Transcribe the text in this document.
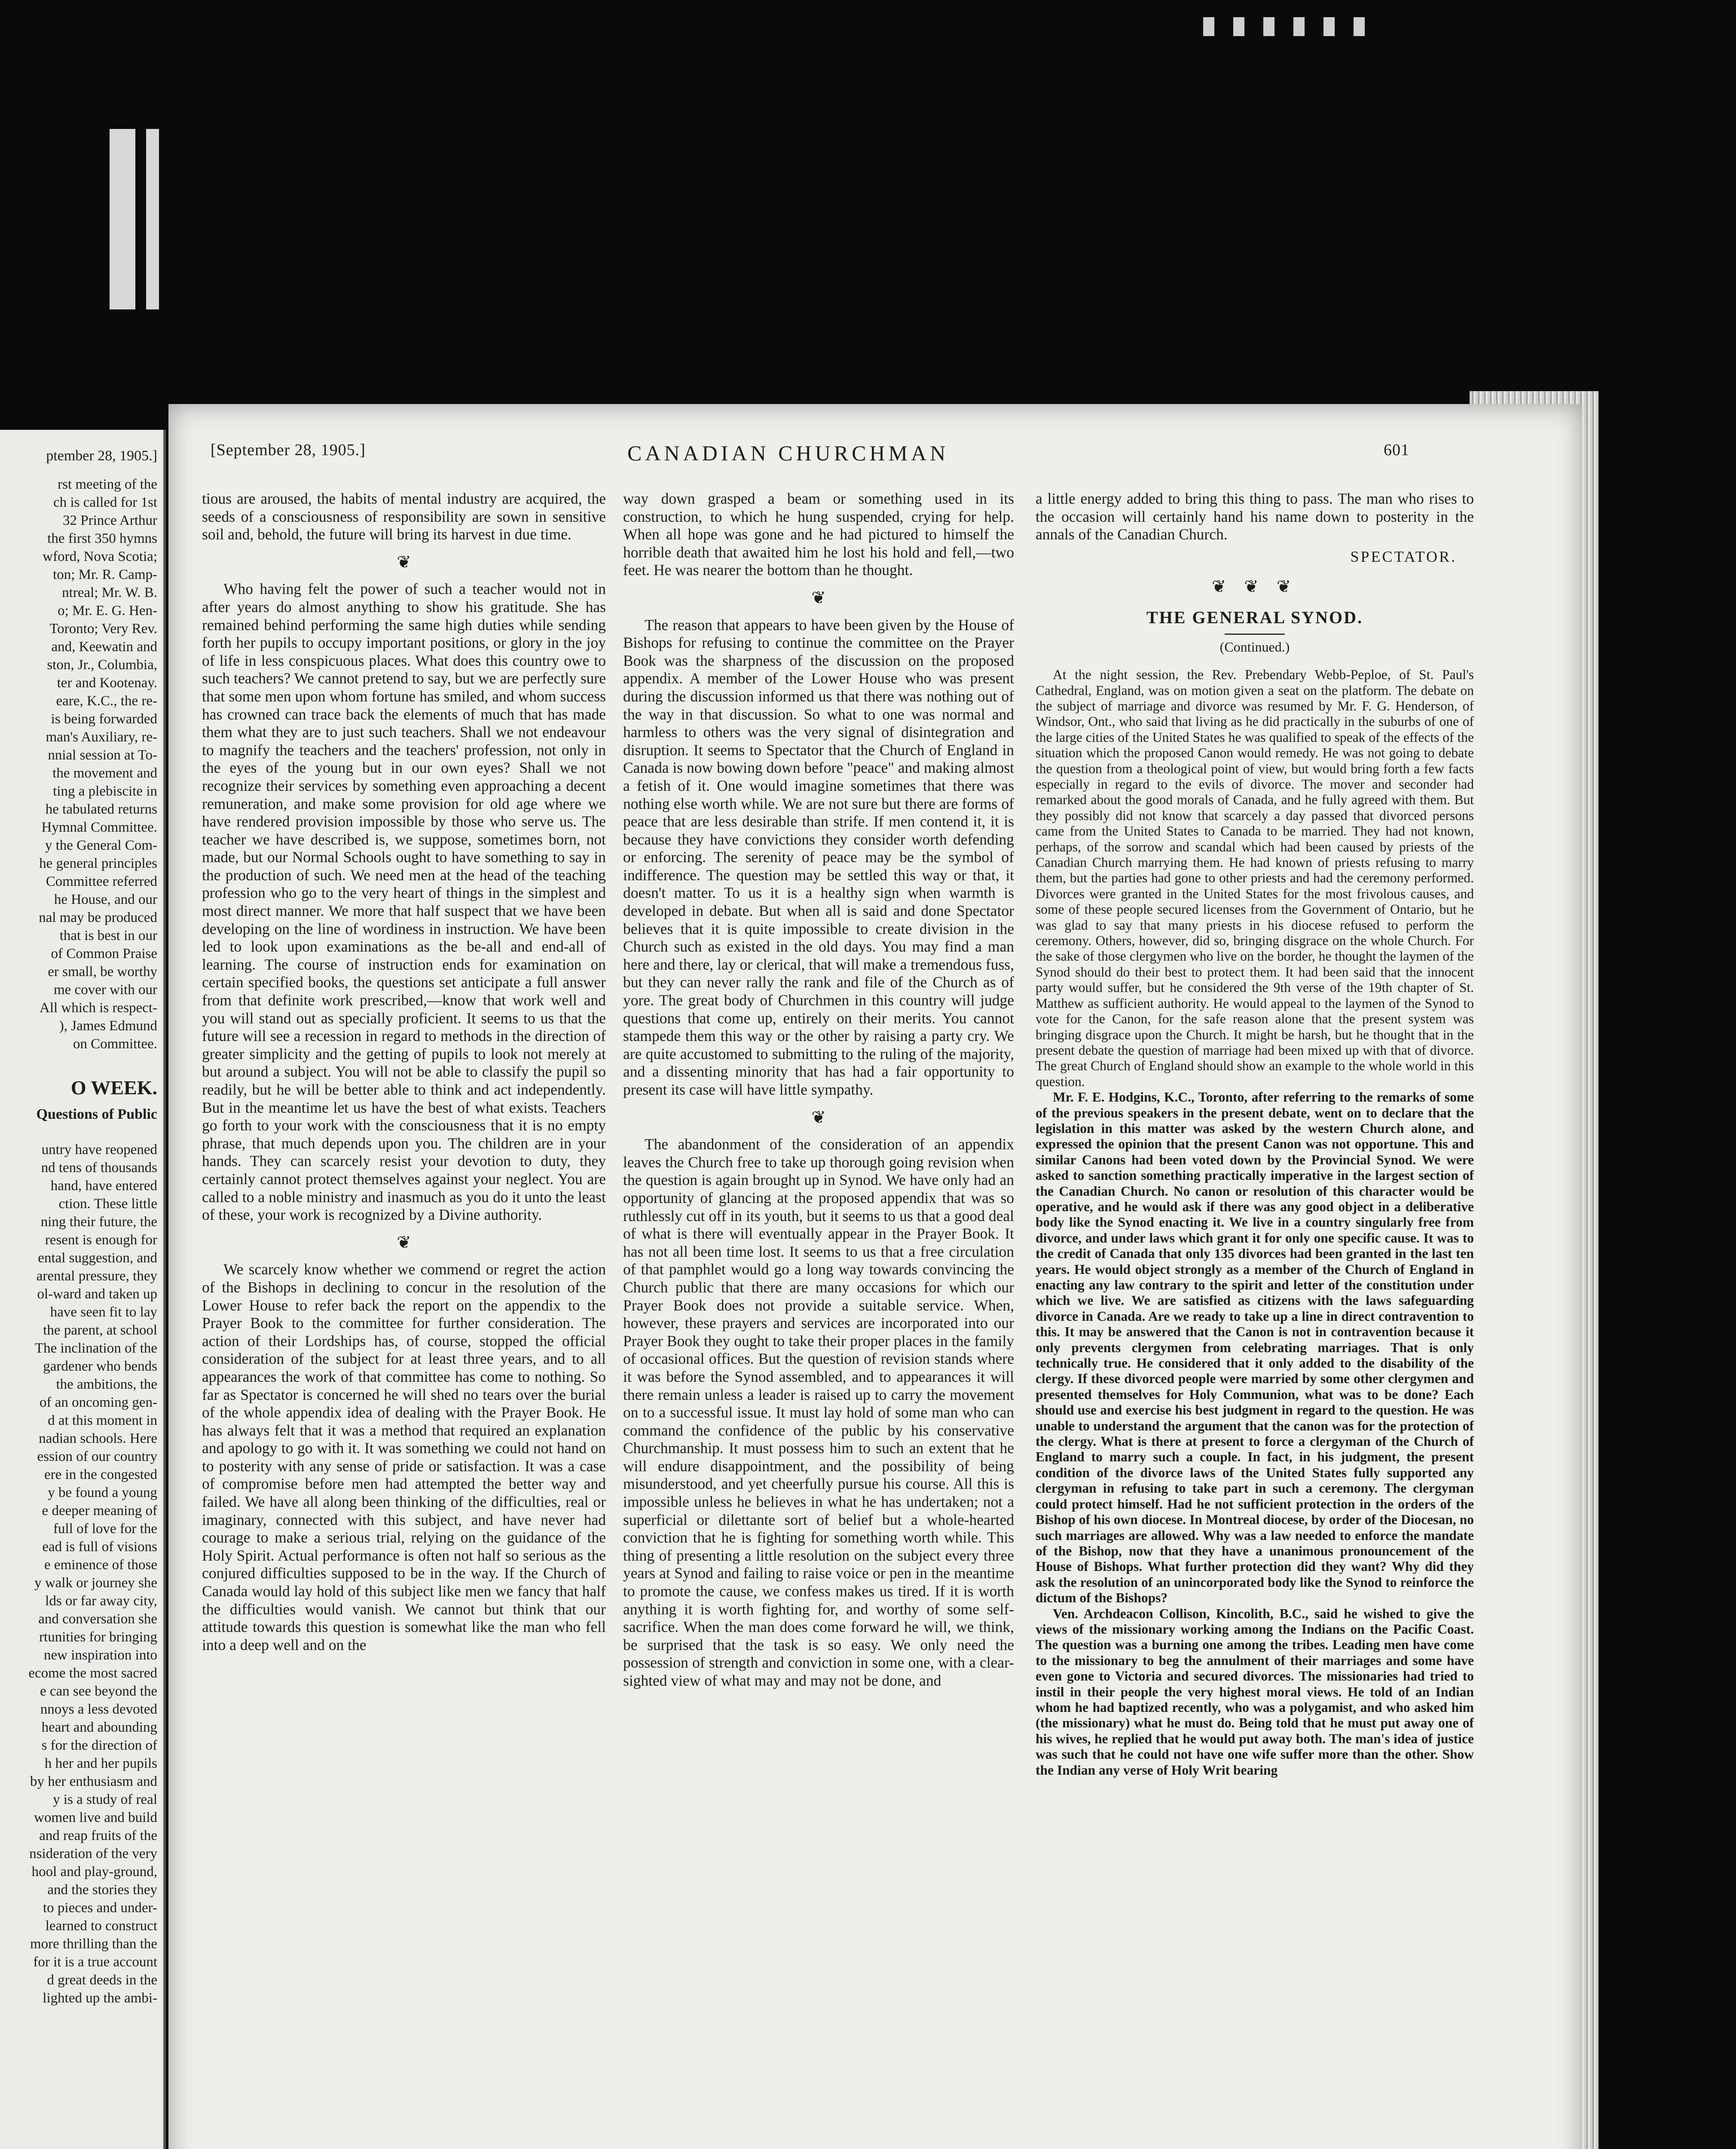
ptember 28, 1905.]

rst meeting of the

ch is called for 1st

32 Prince Arthur

the first 350 hymns

wford, Nova Scotia;

ton; Mr. R. Camp-

ntreal; Mr. W. B.

o; Mr. E. G. Hen-

Toronto; Very Rev.

and, Keewatin and

ston, Jr., Columbia,

ter and Kootenay.

eare, K.C., the re-

is being forwarded

man's Auxiliary, re-

nnial session at To-

the movement and

ting a plebiscite in

he tabulated returns

Hymnal Committee.

y the General Com-

he general principles

Committee referred

he House, and our

nal may be produced

that is best in our

of Common Praise

er small, be worthy

me cover with our

All which is respect-

), James Edmund

on Committee.

O WEEK.
Questions of Public

untry have reopened

nd tens of thousands

hand, have entered

ction. These little

ning their future, the

resent is enough for

ental suggestion, and

arental pressure, they

ol-ward and taken up

have seen fit to lay

the parent, at school

The inclination of the

gardener who bends

the ambitions, the

of an oncoming gen-

d at this moment in

nadian schools. Here

ession of our country

ere in the congested

y be found a young

e deeper meaning of

full of love for the

ead is full of visions

e eminence of those

y walk or journey she

lds or far away city,

and conversation she

rtunities for bringing

new inspiration into

ecome the most sacred

e can see beyond the

nnoys a less devoted

heart and abounding

s for the direction of

h her and her pupils

by her enthusiasm and

y is a study of real

women live and build

and reap fruits of the

nsideration of the very

hool and play-ground,

and the stories they

to pieces and under-

learned to construct

more thrilling than the

for it is a true account

d great deeds in the

lighted up the ambi-

[September 28, 1905.]	CANADIAN CHURCHMAN	601

tious are aroused, the habits of mental industry are acquired, the seeds of a consciousness of responsibility are sown in sensitive soil and, behold, the future will bring its harvest in due time.

❦

Who having felt the power of such a teacher would not in after years do almost anything to show his gratitude. She has remained behind performing the same high duties while sending forth her pupils to occupy important positions, or glory in the joy of life in less conspicuous places. What does this country owe to such teachers? We cannot pretend to say, but we are perfectly sure that some men upon whom fortune has smiled, and whom success has crowned can trace back the elements of much that has made them what they are to just such teachers. Shall we not endeavour to magnify the teachers and the teachers' profession, not only in the eyes of the young but in our own eyes? Shall we not recognize their services by something even approaching a decent remuneration, and make some provision for old age where we have rendered provision impossible by those who serve us. The teacher we have described is, we suppose, sometimes born, not made, but our Normal Schools ought to have something to say in the production of such. We need men at the head of the teaching profession who go to the very heart of things in the simplest and most direct manner. We more that half suspect that we have been developing on the line of wordiness in instruction. We have been led to look upon examinations as the be-all and end-all of learning. The course of instruction ends for examination on certain specified books, the questions set anticipate a full answer from that definite work prescribed,—know that work well and you will stand out as specially proficient. It seems to us that the future will see a recession in regard to methods in the direction of greater simplicity and the getting of pupils to look not merely at but around a subject. You will not be able to classify the pupil so readily, but he will be better able to think and act independently. But in the meantime let us have the best of what exists. Teachers go forth to your work with the consciousness that it is no empty phrase, that much depends upon you. The children are in your hands. They can scarcely resist your devotion to duty, they certainly cannot protect themselves against your neglect. You are called to a noble ministry and inasmuch as you do it unto the least of these, your work is recognized by a Divine authority.

❦

We scarcely know whether we commend or regret the action of the Bishops in declining to concur in the resolution of the Lower House to refer back the report on the appendix to the Prayer Book to the committee for further consideration. The action of their Lordships has, of course, stopped the official consideration of the subject for at least three years, and to all appearances the work of that committee has come to nothing. So far as Spectator is concerned he will shed no tears over the burial of the whole appendix idea of dealing with the Prayer Book. He has always felt that it was a method that required an explanation and apology to go with it. It was something we could not hand on to posterity with any sense of pride or satisfaction. It was a case of compromise before men had attempted the better way and failed. We have all along been thinking of the difficulties, real or imaginary, connected with this subject, and have never had courage to make a serious trial, relying on the guidance of the Holy Spirit. Actual performance is often not half so serious as the conjured difficulties supposed to be in the way. If the Church of Canada would lay hold of this subject like men we fancy that half the difficulties would vanish. We cannot but think that our attitude towards this question is somewhat like the man who fell into a deep well and on the

way down grasped a beam or something used in its construction, to which he hung suspended, crying for help. When all hope was gone and he had pictured to himself the horrible death that awaited him he lost his hold and fell,—two feet. He was nearer the bottom than he thought.

❦

The reason that appears to have been given by the House of Bishops for refusing to continue the committee on the Prayer Book was the sharpness of the discussion on the proposed appendix. A member of the Lower House who was present during the discussion informed us that there was nothing out of the way in that discussion. So what to one was normal and harmless to others was the very signal of disintegration and disruption. It seems to Spectator that the Church of England in Canada is now bowing down before "peace" and making almost a fetish of it. One would imagine sometimes that there was nothing else worth while. We are not sure but there are forms of peace that are less desirable than strife. If men contend it, it is because they have convictions they consider worth defending or enforcing. The serenity of peace may be the symbol of indifference. The question may be settled this way or that, it doesn't matter. To us it is a healthy sign when warmth is developed in debate. But when all is said and done Spectator believes that it is quite impossible to create division in the Church such as existed in the old days. You may find a man here and there, lay or clerical, that will make a tremendous fuss, but they can never rally the rank and file of the Church as of yore. The great body of Churchmen in this country will judge questions that come up, entirely on their merits. You cannot stampede them this way or the other by raising a party cry. We are quite accustomed to submitting to the ruling of the majority, and a dissenting minority that has had a fair opportunity to present its case will have little sympathy.

❦

The abandonment of the consideration of an appendix leaves the Church free to take up thorough going revision when the question is again brought up in Synod. We have only had an opportunity of glancing at the proposed appendix that was so ruthlessly cut off in its youth, but it seems to us that a good deal of what is there will eventually appear in the Prayer Book. It has not all been time lost. It seems to us that a free circulation of that pamphlet would go a long way towards convincing the Church public that there are many occasions for which our Prayer Book does not provide a suitable service. When, however, these prayers and services are incorporated into our Prayer Book they ought to take their proper places in the family of occasional offices. But the question of revision stands where it was before the Synod assembled, and to appearances it will there remain unless a leader is raised up to carry the movement on to a successful issue. It must lay hold of some man who can command the confidence of the public by his conservative Churchmanship. It must possess him to such an extent that he will endure disappointment, and the possibility of being misunderstood, and yet cheerfully pursue his course. All this is impossible unless he believes in what he has undertaken; not a superficial or dilettante sort of belief but a whole-hearted conviction that he is fighting for something worth while. This thing of presenting a little resolution on the subject every three years at Synod and failing to raise voice or pen in the meantime to promote the cause, we confess makes us tired. If it is worth anything it is worth fighting for, and worthy of some self-sacrifice. When the man does come forward he will, we think, be surprised that the task is so easy. We only need the possession of strength and conviction in some one, with a clear-sighted view of what may and may not be done, and

a little energy added to bring this thing to pass. The man who rises to the occasion will certainly hand his name down to posterity in the annals of the Canadian Church.

SPECTATOR.
❦ ❦ ❦
THE GENERAL SYNOD.
(Continued.)

At the night session, the Rev. Prebendary Webb-Peploe, of St. Paul's Cathedral, England, was on motion given a seat on the platform. The debate on the subject of marriage and divorce was resumed by Mr. F. G. Henderson, of Windsor, Ont., who said that living as he did practically in the suburbs of one of the large cities of the United States he was qualified to speak of the effects of the situation which the proposed Canon would remedy. He was not going to debate the question from a theological point of view, but would bring forth a few facts especially in regard to the evils of divorce. The mover and seconder had remarked about the good morals of Canada, and he fully agreed with them. But they possibly did not know that scarcely a day passed that divorced persons came from the United States to Canada to be married. They had not known, perhaps, of the sorrow and scandal which had been caused by priests of the Canadian Church marrying them. He had known of priests refusing to marry them, but the parties had gone to other priests and had the ceremony performed. Divorces were granted in the United States for the most frivolous causes, and some of these people secured licenses from the Government of Ontario, but he was glad to say that many priests in his diocese refused to perform the ceremony. Others, however, did so, bringing disgrace on the whole Church. For the sake of those clergymen who live on the border, he thought the laymen of the Synod should do their best to protect them. It had been said that the innocent party would suffer, but he considered the 9th verse of the 19th chapter of St. Matthew as sufficient authority. He would appeal to the laymen of the Synod to vote for the Canon, for the safe reason alone that the present system was bringing disgrace upon the Church. It might be harsh, but he thought that in the present debate the question of marriage had been mixed up with that of divorce. The great Church of England should show an example to the whole world in this question.

Mr. F. E. Hodgins, K.C., Toronto, after referring to the remarks of some of the previous speakers in the present debate, went on to declare that the legislation in this matter was asked by the western Church alone, and expressed the opinion that the present Canon was not opportune. This and similar Canons had been voted down by the Provincial Synod. We were asked to sanction something practically imperative in the largest section of the Canadian Church. No canon or resolution of this character would be operative, and he would ask if there was any good object in a deliberative body like the Synod enacting it. We live in a country singularly free from divorce, and under laws which grant it for only one specific cause. It was to the credit of Canada that only 135 divorces had been granted in the last ten years. He would object strongly as a member of the Church of England in enacting any law contrary to the spirit and letter of the constitution under which we live. We are satisfied as citizens with the laws safeguarding divorce in Canada. Are we ready to take up a line in direct contravention to this. It may be answered that the Canon is not in contravention because it only prevents clergymen from celebrating marriages. That is only technically true. He considered that it only added to the disability of the clergy. If these divorced people were married by some other clergymen and presented themselves for Holy Communion, what was to be done? Each should use and exercise his best judgment in regard to the question. He was unable to understand the argument that the canon was for the protection of the clergy. What is there at present to force a clergyman of the Church of England to marry such a couple. In fact, in his judgment, the present condition of the divorce laws of the United States fully supported any clergyman in refusing to take part in such a ceremony. The clergyman could protect himself. Had he not sufficient protection in the orders of the Bishop of his own diocese. In Montreal diocese, by order of the Diocesan, no such marriages are allowed. Why was a law needed to enforce the mandate of the Bishop, now that they have a unanimous pronouncement of the House of Bishops. What further protection did they want? Why did they ask the resolution of an unincorporated body like the Synod to reinforce the dictum of the Bishops?

Ven. Archdeacon Collison, Kincolith, B.C., said he wished to give the views of the missionary working among the Indians on the Pacific Coast. The question was a burning one among the tribes. Leading men have come to the missionary to beg the annulment of their marriages and some have even gone to Victoria and secured divorces. The missionaries had tried to instil in their people the very highest moral views. He told of an Indian whom he had baptized recently, who was a polygamist, and who asked him (the missionary) what he must do. Being told that he must put away one of his wives, he replied that he would put away both. The man's idea of justice was such that he could not have one wife suffer more than the other. Show the Indian any verse of Holy Writ bearing
